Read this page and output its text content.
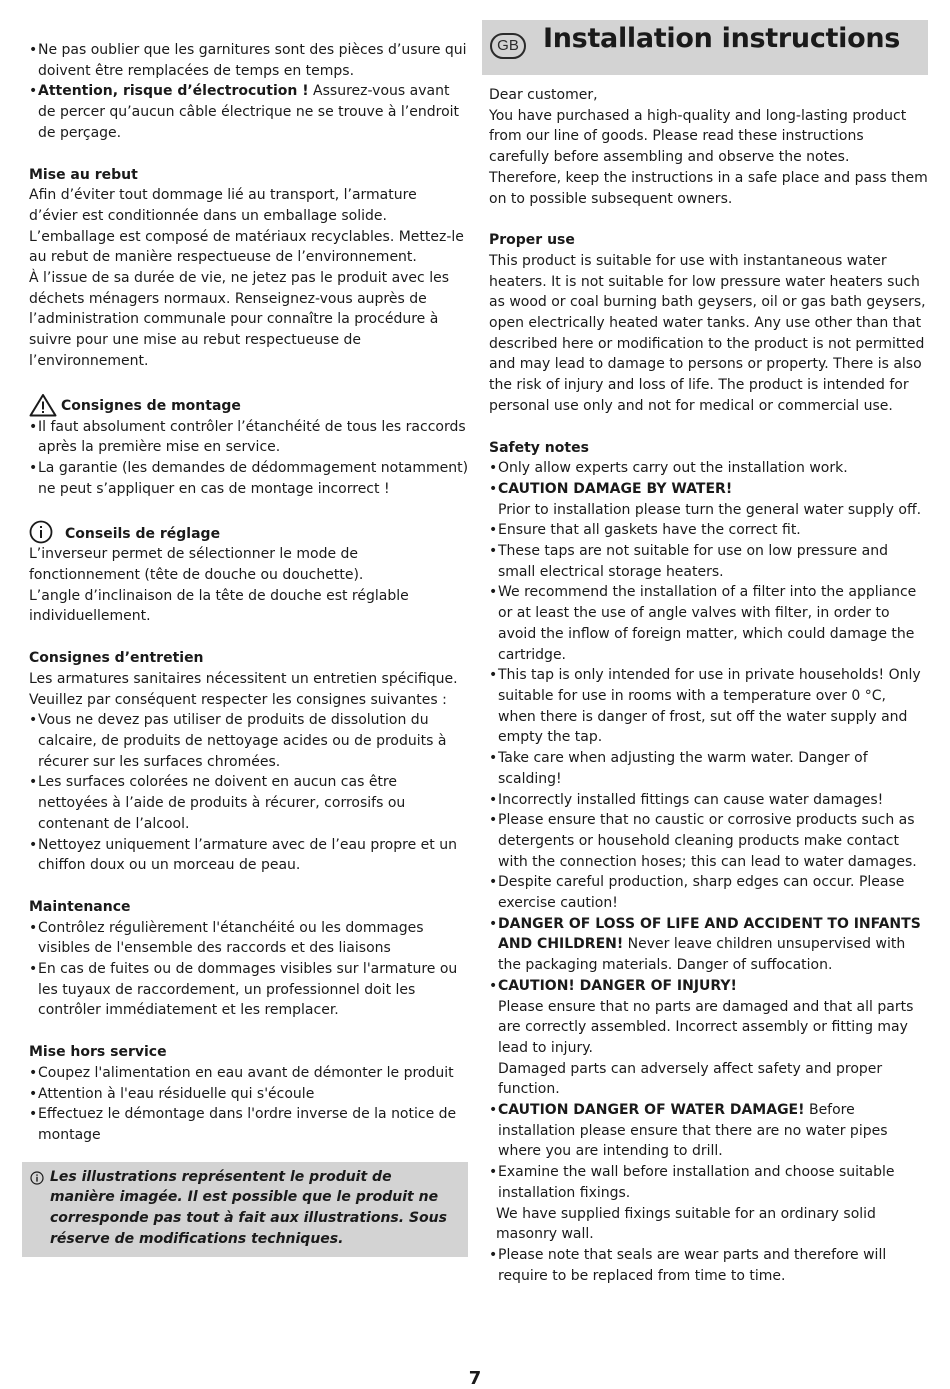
• Ne pas oublier que les garnitures sont des pièces d’usure qui doivent être remplacées de temps en temps.

• Attention, risque d’électrocution ! Assurez-vous avant de percer qu’aucun câble électrique ne se trouve à l’endroit de perçage.

Mise au rebut

Afin d’éviter tout dommage lié au transport, l’armature d’évier est conditionnée dans un emballage solide. L’emballage est composé de matériaux recyclables. Mettez-le au rebut de manière respectueuse de l’environnement.

À l’issue de sa durée de vie, ne jetez pas le produit avec les déchets ménagers normaux. Renseignez-vous auprès de l’administration communale pour connaître la procédure à suivre pour une mise au rebut respectueuse de l’environnement.

Consignes de montage

• Il faut absolument contrôler l’étanchéité de tous les raccords après la première mise en service.

• La garantie (les demandes de dédommagement notamment) ne peut s’appliquer en cas de montage incorrect !

Conseils de réglage

L’inverseur permet de sélectionner le mode de fonctionnement (tête de douche ou douchette).

L’angle d’inclinaison de la tête de douche est réglable individuellement.

Consignes d’entretien

Les armatures sanitaires nécessitent un entretien spécifique. Veuillez par conséquent respecter les consignes suivantes :

• Vous ne devez pas utiliser de produits de dissolution du calcaire, de produits de nettoyage acides ou de produits à récurer sur les surfaces chromées.

• Les surfaces colorées ne doivent en aucun cas être nettoyées à l’aide de produits à récurer, corrosifs ou contenant de l’alcool.

• Nettoyez uniquement l’armature avec de l’eau propre et un chiffon doux ou un morceau de peau.

Maintenance

• Contrôlez régulièrement l'étanchéité ou les dommages visibles de l'ensemble des raccords et des liaisons

• En cas de fuites ou de dommages visibles sur l'armature ou les tuyaux de raccordement, un professionnel doit les contrôler immédiatement et les remplacer.

Mise hors service

• Coupez l'alimentation en eau avant de démonter le produit

• Attention à l'eau résiduelle qui s'écoule

• Effectuez le démontage dans l'ordre inverse de la notice de montage

Les illustrations représentent le produit de manière imagée. Il est possible que le produit ne corresponde pas tout à fait aux illustrations. Sous réserve de modifications techniques.

GB Installation instructions

Dear customer,
You have purchased a high-quality and long-lasting product from our line of goods. Please read these instructions carefully before assembling and observe the notes.
Therefore, keep the instructions in a safe place and pass them on to possible subsequent owners.

Proper use

This product is suitable for use with instantaneous water heaters. It is not suitable for low pressure water heaters such as wood or coal burning bath geysers, oil or gas bath geysers, open electrically heated water tanks. Any use other than that described here or modification to the product is not permitted and may lead to damage to persons or property. There is also the risk of injury and loss of life. The product is intended for personal use only and not for medical or commercial use.

Safety notes

• Only allow experts carry out the installation work.

• CAUTION DAMAGE BY WATER!

Prior to installation please turn the general water supply off.

• Ensure that all gaskets have the correct fit.

• These taps are not suitable for use on low pressure and small electrical storage heaters.

• We recommend the installation of a filter into the appliance or at least the use of angle valves with filter, in order to avoid the inflow of foreign matter, which could damage the cartridge.

• This tap is only intended for use in private households! Only suitable for use in rooms with a temperature over 0 °C, when there is danger of frost, sut off the water supply and empty the tap.

• Take care when adjusting the warm water. Danger of scalding!

• Incorrectly installed fittings can cause water damages!

• Please ensure that no caustic or corrosive products such as detergents or household cleaning products make contact with the connection hoses; this can lead to water damages.

• Despite careful production, sharp edges can occur. Please exercise caution!

• DANGER OF LOSS OF LIFE AND ACCIDENT TO INFANTS AND CHILDREN! Never leave children unsupervised with the packaging materials. Danger of suffocation.

• CAUTION! DANGER OF INJURY!

Please ensure that no parts are damaged and that all parts are correctly assembled. Incorrect assembly or fitting may lead to injury.

Damaged parts can adversely affect safety and proper function.

• CAUTION DANGER OF WATER DAMAGE! Before installation please ensure that there are no water pipes where you are intending to drill.

• Examine the wall before installation and choose suitable installation fixings.

We have supplied fixings suitable for an ordinary solid masonry wall.

• Please note that seals are wear parts and therefore will require to be replaced from time to time.

7
